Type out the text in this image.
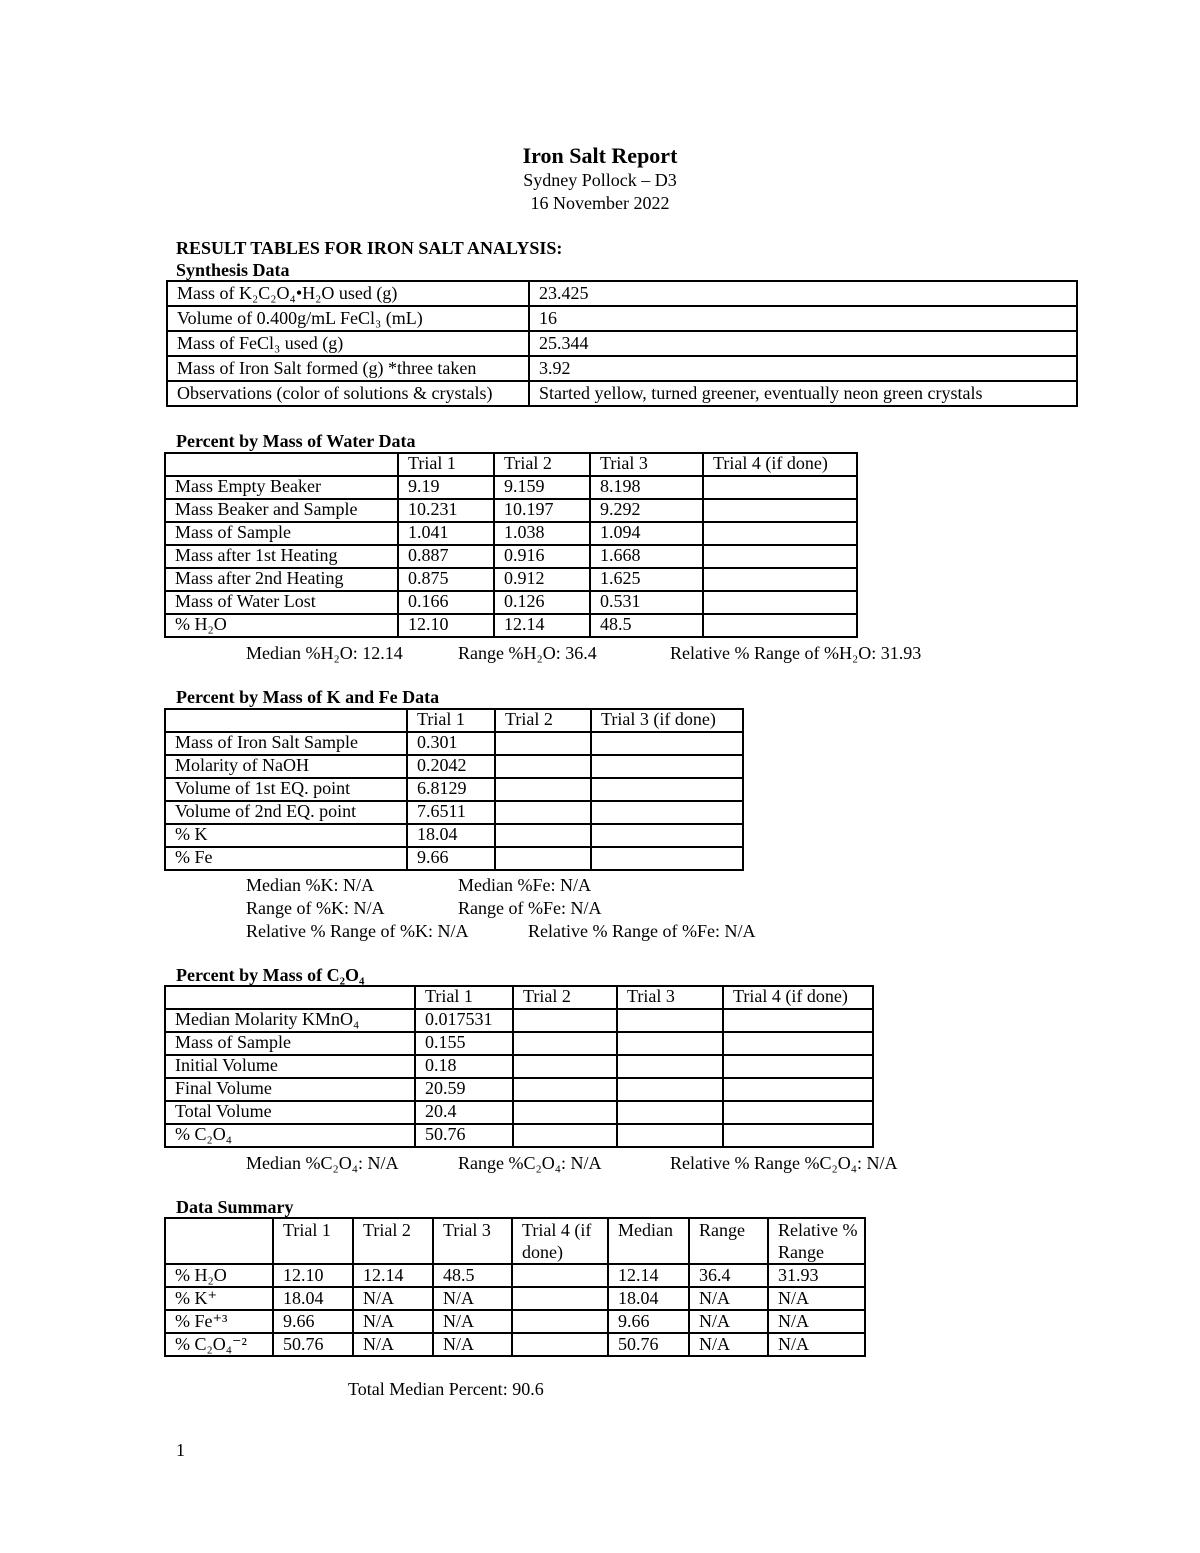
Iron Salt Report
Sydney Pollock – D3
16 November 2022
RESULT TABLES FOR IRON SALT ANALYSIS:
Synthesis Data
Mass of K₂C₂O₄•H₂O used (g)	23.425
Volume of 0.400g/mL FeCl₃ (mL)	16
Mass of FeCl₃ used (g)	25.344
Mass of Iron Salt formed (g) *three taken	3.92
Observations (color of solutions & crystals)	Started yellow, turned greener, eventually neon green crystals
Percent by Mass of Water Data
	Trial 1	Trial 2	Trial 3	Trial 4 (if done)
Mass Empty Beaker	9.19	9.159	8.198	
Mass Beaker and Sample	10.231	10.197	9.292	
Mass of Sample	1.041	1.038	1.094	
Mass after 1st Heating	0.887	0.916	1.668	
Mass after 2nd Heating	0.875	0.912	1.625	
Mass of Water Lost	0.166	0.126	0.531	
% H₂O	12.10	12.14	48.5	
Median %H₂O: 12.14	Range %H₂O: 36.4	Relative % Range of %H₂O: 31.93
Percent by Mass of K and Fe Data
	Trial 1	Trial 2	Trial 3 (if done)
Mass of Iron Salt Sample	0.301		
Molarity of NaOH	0.2042		
Volume of 1st EQ. point	6.8129		
Volume of 2nd EQ. point	7.6511		
% K	18.04		
% Fe	9.66		
Median %K: N/A	Median %Fe: N/A
Range of %K: N/A	Range of %Fe: N/A
Relative % Range of %K: N/A	Relative % Range of %Fe: N/A
Percent by Mass of C₂O₄
	Trial 1	Trial 2	Trial 3	Trial 4 (if done)
Median Molarity KMnO₄	0.017531			
Mass of Sample	0.155			
Initial Volume	0.18			
Final Volume	20.59			
Total Volume	20.4			
% C₂O₄	50.76			
Median %C₂O₄: N/A	Range %C₂O₄: N/A	Relative % Range %C₂O₄: N/A
Data Summary
	Trial 1	Trial 2	Trial 3	Trial 4 (if done)	Median	Range	Relative % Range
% H₂O	12.10	12.14	48.5		12.14	36.4	31.93
% K⁺	18.04	N/A	N/A		18.04	N/A	N/A
% Fe⁺³	9.66	N/A	N/A		9.66	N/A	N/A
% C₂O₄⁻²	50.76	N/A	N/A		50.76	N/A	N/A
Total Median Percent: 90.6
1
